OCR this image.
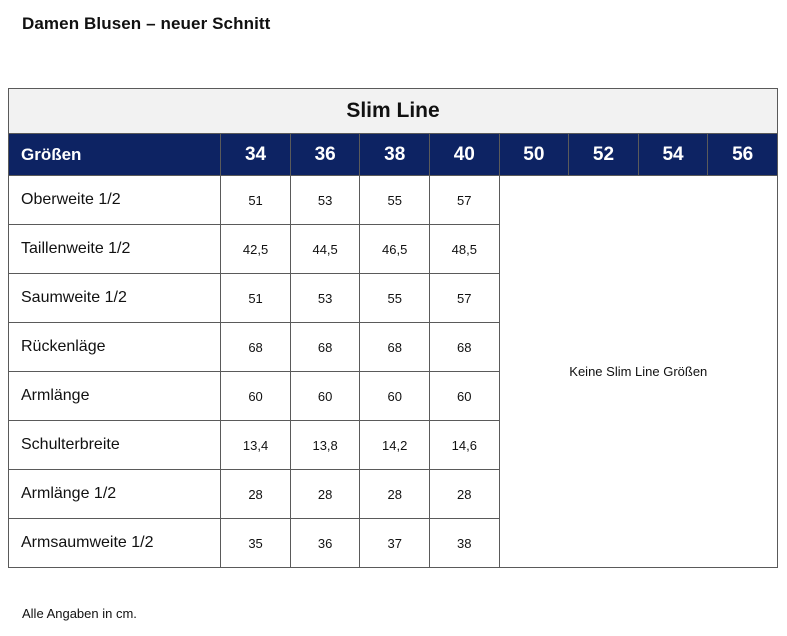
Damen Blusen – neuer Schnitt
Slim Line								
Größen	34	36	38	40	50	52	54	56
Oberweite 1/2	51	53	55	57	Keine Slim Line Größen			
Taillenweite 1/2	42,5	44,5	46,5	48,5				
Saumweite 1/2	51	53	55	57				
Rückenläge	68	68	68	68				
Armlänge	60	60	60	60				
Schulterbreite	13,4	13,8	14,2	14,6				
Armlänge 1/2	28	28	28	28				
Armsaumweite 1/2	35	36	37	38				
Alle Angaben in cm.
